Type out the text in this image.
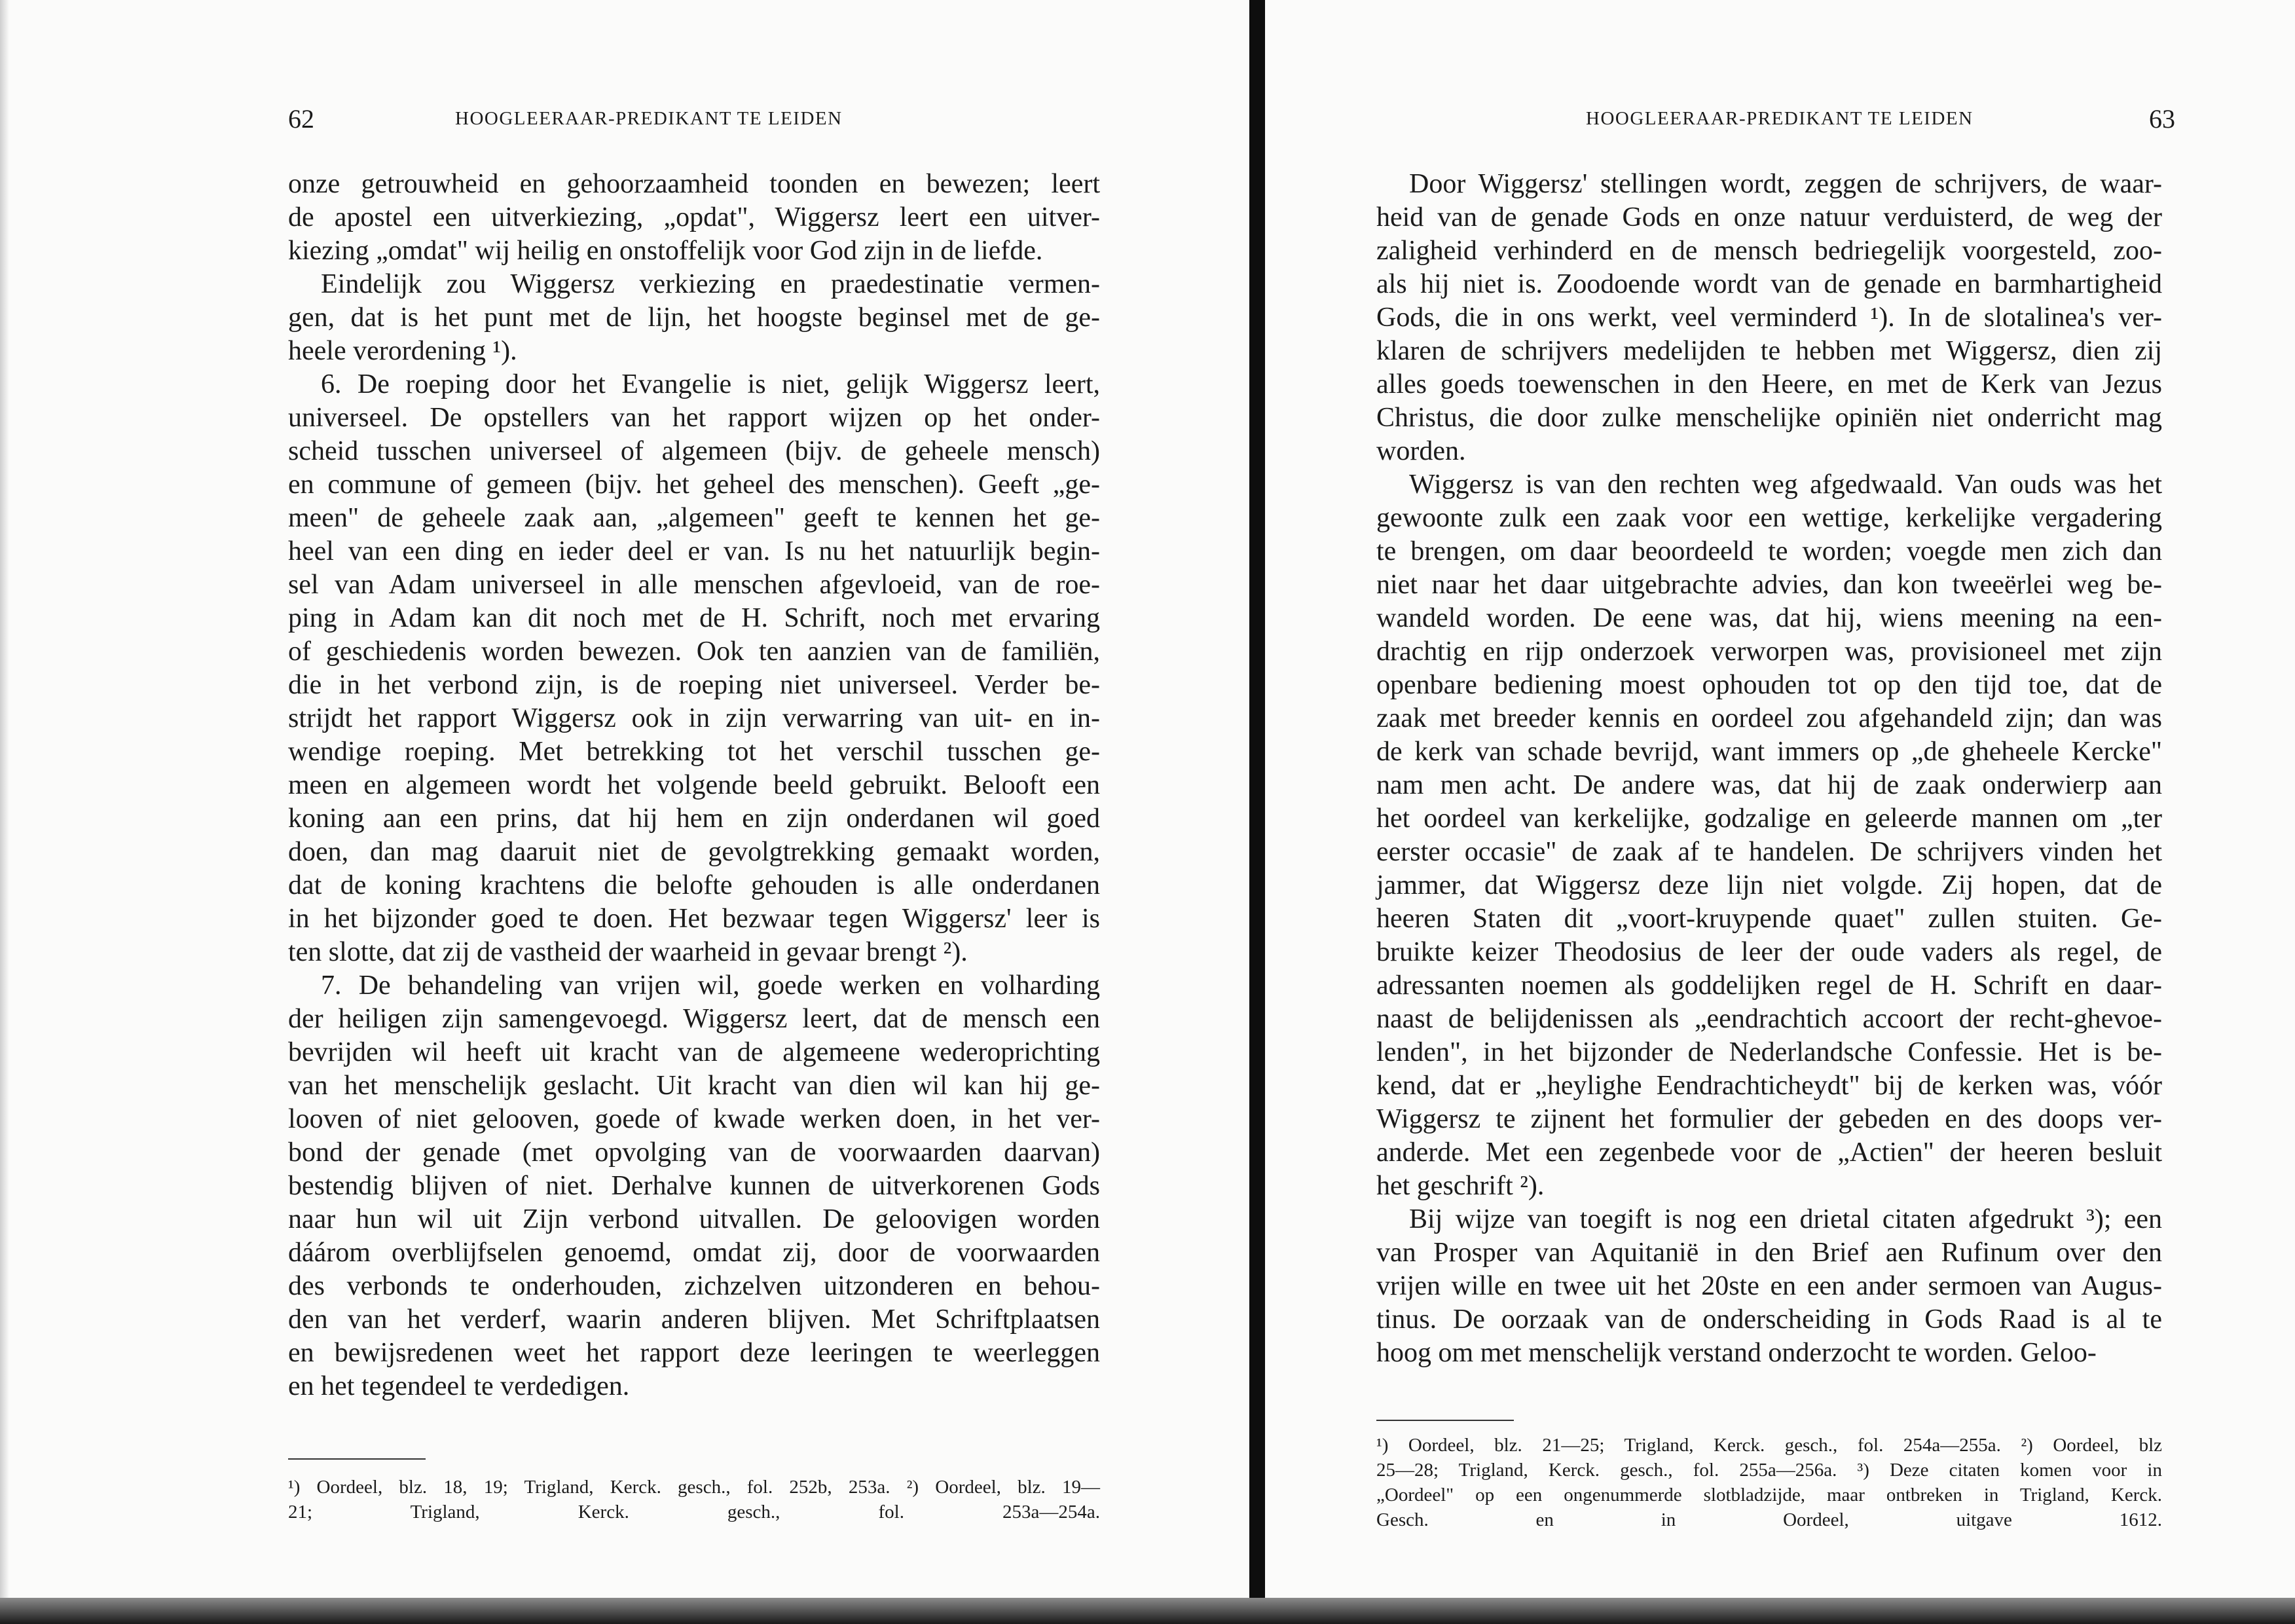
62	HOOGLEERAAR-PREDIKANT TE LEIDEN
onze getrouwheid en gehoorzaamheid toonden en bewezen; leert
de apostel een uitverkiezing, „opdat", Wiggersz leert een uitver-
kiezing „omdat" wij heilig en onstoffelijk voor God zijn in de liefde.
Eindelijk zou Wiggersz verkiezing en praedestinatie vermen-
gen, dat is het punt met de lijn, het hoogste beginsel met de ge-
heele verordening ¹).
6. De roeping door het Evangelie is niet, gelijk Wiggersz leert,
universeel. De opstellers van het rapport wijzen op het onder-
scheid tusschen universeel of algemeen (bijv. de geheele mensch)
en commune of gemeen (bijv. het geheel des menschen). Geeft „ge-
meen" de geheele zaak aan, „algemeen" geeft te kennen het ge-
heel van een ding en ieder deel er van. Is nu het natuurlijk begin-
sel van Adam universeel in alle menschen afgevloeid, van de roe-
ping in Adam kan dit noch met de H. Schrift, noch met ervaring
of geschiedenis worden bewezen. Ook ten aanzien van de familiën,
die in het verbond zijn, is de roeping niet universeel. Verder be-
strijdt het rapport Wiggersz ook in zijn verwarring van uit- en in-
wendige roeping. Met betrekking tot het verschil tusschen ge-
meen en algemeen wordt het volgende beeld gebruikt. Belooft een
koning aan een prins, dat hij hem en zijn onderdanen wil goed
doen, dan mag daaruit niet de gevolgtrekking gemaakt worden,
dat de koning krachtens die belofte gehouden is alle onderdanen
in het bijzonder goed te doen. Het bezwaar tegen Wiggersz' leer is
ten slotte, dat zij de vastheid der waarheid in gevaar brengt ²).
7. De behandeling van vrijen wil, goede werken en volharding
der heiligen zijn samengevoegd. Wiggersz leert, dat de mensch een
bevrijden wil heeft uit kracht van de algemeene wederoprichting
van het menschelijk geslacht. Uit kracht van dien wil kan hij ge-
looven of niet gelooven, goede of kwade werken doen, in het ver-
bond der genade (met opvolging van de voorwaarden daarvan)
bestendig blijven of niet. Derhalve kunnen de uitverkorenen Gods
naar hun wil uit Zijn verbond uitvallen. De geloovigen worden
dáárom overblijfselen genoemd, omdat zij, door de voorwaarden
des verbonds te onderhouden, zichzelven uitzonderen en behou-
den van het verderf, waarin anderen blijven. Met Schriftplaatsen
en bewijsredenen weet het rapport deze leeringen te weerleggen
en het tegendeel te verdedigen.
¹) Oordeel, blz. 18, 19; Trigland, Kerck. gesch., fol. 252b, 253a. ²) Oordeel, blz. 19—
21; Trigland, Kerck. gesch., fol. 253a—254a.
HOOGLEERAAR-PREDIKANT TE LEIDEN	63
Door Wiggersz' stellingen wordt, zeggen de schrijvers, de waar-
heid van de genade Gods en onze natuur verduisterd, de weg der
zaligheid verhinderd en de mensch bedriegelijk voorgesteld, zoo-
als hij niet is. Zoodoende wordt van de genade en barmhartigheid
Gods, die in ons werkt, veel verminderd ¹). In de slotalinea's ver-
klaren de schrijvers medelijden te hebben met Wiggersz, dien zij
alles goeds toewenschen in den Heere, en met de Kerk van Jezus
Christus, die door zulke menschelijke opiniën niet onderricht mag
worden.
Wiggersz is van den rechten weg afgedwaald. Van ouds was het
gewoonte zulk een zaak voor een wettige, kerkelijke vergadering
te brengen, om daar beoordeeld te worden; voegde men zich dan
niet naar het daar uitgebrachte advies, dan kon tweeërlei weg be-
wandeld worden. De eene was, dat hij, wiens meening na een-
drachtig en rijp onderzoek verworpen was, provisioneel met zijn
openbare bediening moest ophouden tot op den tijd toe, dat de
zaak met breeder kennis en oordeel zou afgehandeld zijn; dan was
de kerk van schade bevrijd, want immers op „de gheheele Kercke"
nam men acht. De andere was, dat hij de zaak onderwierp aan
het oordeel van kerkelijke, godzalige en geleerde mannen om „ter
eerster occasie" de zaak af te handelen. De schrijvers vinden het
jammer, dat Wiggersz deze lijn niet volgde. Zij hopen, dat de
heeren Staten dit „voort-kruypende quaet" zullen stuiten. Ge-
bruikte keizer Theodosius de leer der oude vaders als regel, de
adressanten noemen als goddelijken regel de H. Schrift en daar-
naast de belijdenissen als „eendrachtich accoort der recht-ghevoe-
lenden", in het bijzonder de Nederlandsche Confessie. Het is be-
kend, dat er „heylighe Eendrachticheydt" bij de kerken was, vóór
Wiggersz te zijnent het formulier der gebeden en des doops ver-
anderde. Met een zegenbede voor de „Actien" der heeren besluit
het geschrift ²).
Bij wijze van toegift is nog een drietal citaten afgedrukt ³); een
van Prosper van Aquitanië in den Brief aen Rufinum over den
vrijen wille en twee uit het 20ste en een ander sermoen van Augus-
tinus. De oorzaak van de onderscheiding in Gods Raad is al te
hoog om met menschelijk verstand onderzocht te worden. Geloo-
¹) Oordeel, blz. 21—25; Trigland, Kerck. gesch., fol. 254a—255a. ²) Oordeel, blz
25—28; Trigland, Kerck. gesch., fol. 255a—256a. ³) Deze citaten komen voor in
„Oordeel" op een ongenummerde slotbladzijde, maar ontbreken in Trigland, Kerck.
Gesch. en in Oordeel, uitgave 1612.
